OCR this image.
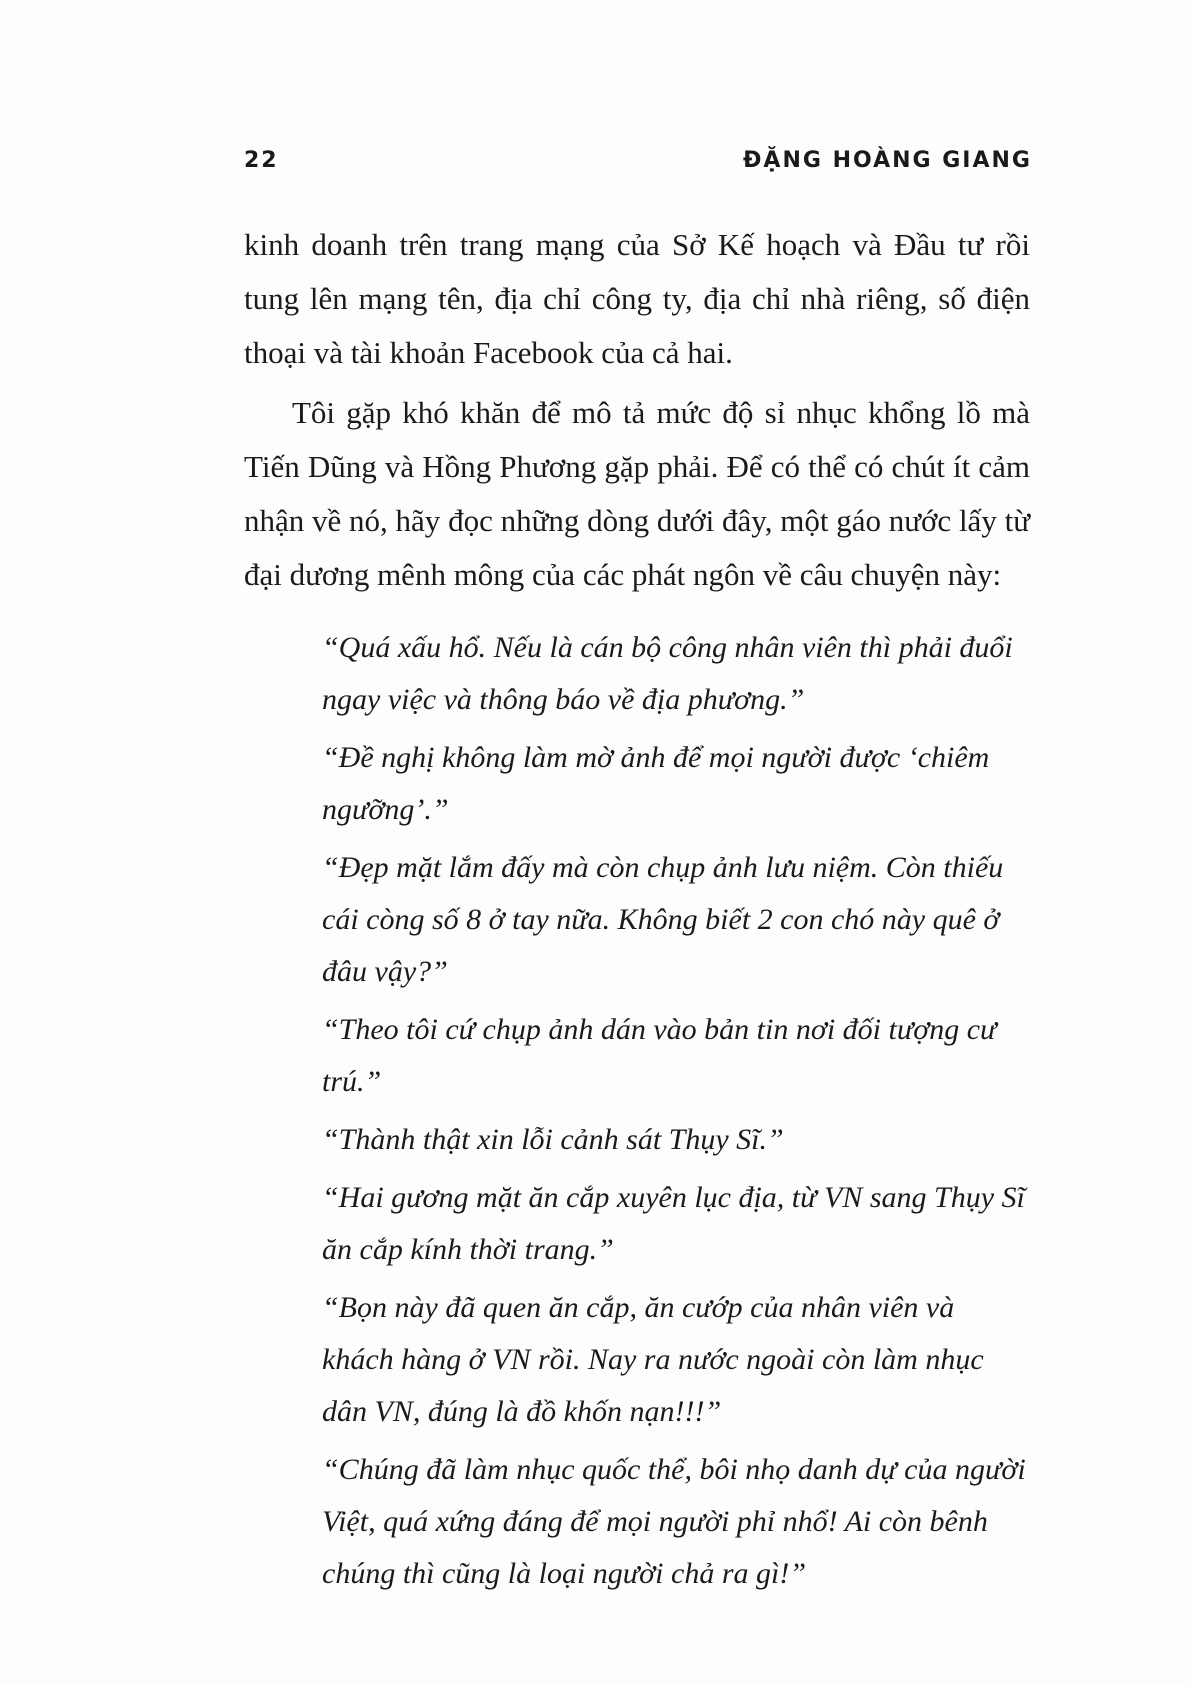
22	ĐẶNG HOÀNG GIANG

kinh doanh trên trang mạng của Sở Kế hoạch và Đầu tư rồi tung lên mạng tên, địa chỉ công ty, địa chỉ nhà riêng, số điện thoại và tài khoản Facebook của cả hai.

Tôi gặp khó khăn để mô tả mức độ sỉ nhục khổng lồ mà Tiến Dũng và Hồng Phương gặp phải. Để có thể có chút ít cảm nhận về nó, hãy đọc những dòng dưới đây, một gáo nước lấy từ đại dương mênh mông của các phát ngôn về câu chuyện này:

“Quá xấu hổ. Nếu là cán bộ công nhân viên thì phải đuổi ngay việc và thông báo về địa phương.”

“Đề nghị không làm mờ ảnh để mọi người được ‘chiêm ngưỡng’.”

“Đẹp mặt lắm đấy mà còn chụp ảnh lưu niệm. Còn thiếu cái còng số 8 ở tay nữa. Không biết 2 con chó này quê ở đâu vậy?”

“Theo tôi cứ chụp ảnh dán vào bản tin nơi đối tượng cư trú.”

“Thành thật xin lỗi cảnh sát Thụy Sĩ.”

“Hai gương mặt ăn cắp xuyên lục địa, từ VN sang Thụy Sĩ ăn cắp kính thời trang.”

“Bọn này đã quen ăn cắp, ăn cướp của nhân viên và khách hàng ở VN rồi. Nay ra nước ngoài còn làm nhục dân VN, đúng là đồ khốn nạn!!!”

“Chúng đã làm nhục quốc thể, bôi nhọ danh dự của người Việt, quá xứng đáng để mọi người phỉ nhổ! Ai còn bênh chúng thì cũng là loại người chả ra gì!”
